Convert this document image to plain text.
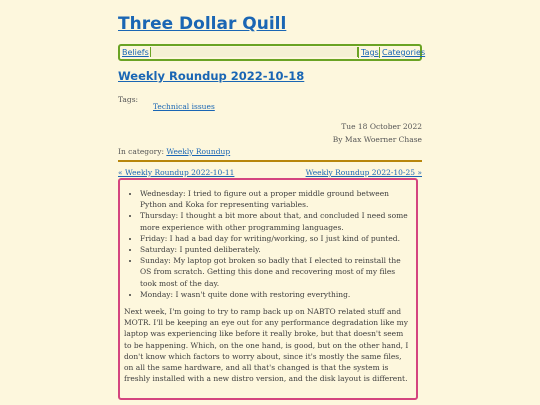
Three Dollar Quill
Beliefs	Tags Categories
Weekly Roundup 2022-10-18
Tags:
Technical issues
Tue 18 October 2022
By Max Woerner Chase
In category: Weekly Roundup
« Weekly Roundup 2022-10-11	Weekly Roundup 2022-10-25 »
• Wednesday: I tried to figure out a proper middle ground between Python and Koka for representing variables.
• Thursday: I thought a bit more about that, and concluded I need some more experience with other programming languages.
• Friday: I had a bad day for writing/working, so I just kind of punted.
• Saturday: I punted deliberately.
• Sunday: My laptop got broken so badly that I elected to reinstall the OS from scratch. Getting this done and recovering most of my files took most of the day.
• Monday: I wasn't quite done with restoring everything.

Next week, I'm going to try to ramp back up on NABTO related stuff and MOTR. I'll be keeping an eye out for any performance degradation like my laptop was experiencing like before it really broke, but that doesn't seem to be happening. Which, on the one hand, is good, but on the other hand, I don't know which factors to worry about, since it's mostly the same files, on all the same hardware, and all that's changed is that the system is freshly installed with a new distro version, and the disk layout is different.
